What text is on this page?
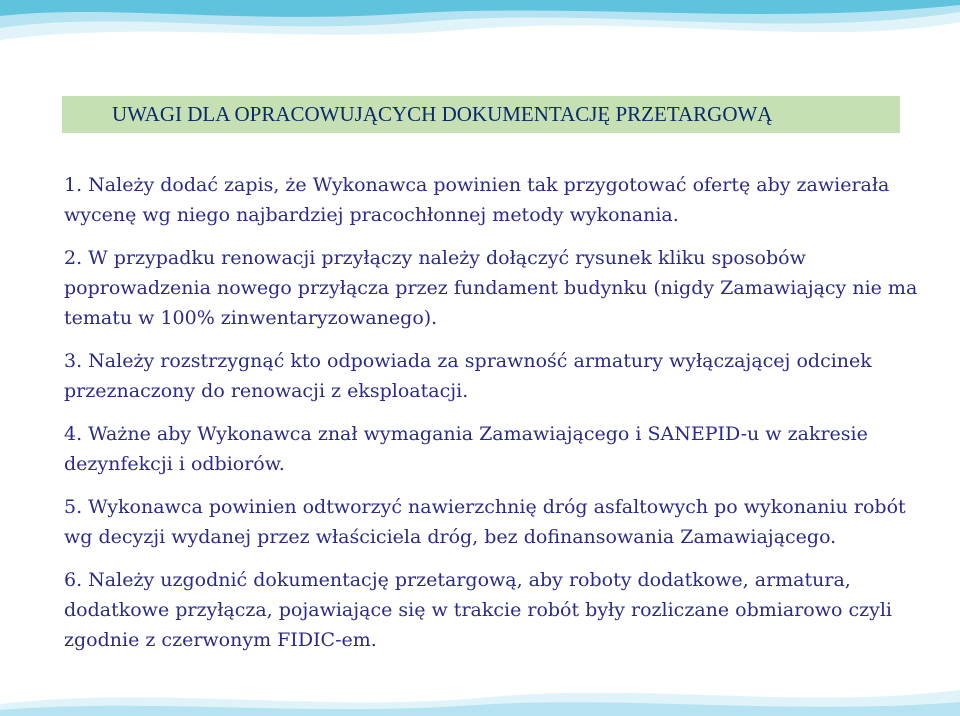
UWAGI DLA OPRACOWUJĄCYCH DOKUMENTACJĘ PRZETARGOWĄ

1. Należy dodać zapis, że Wykonawca powinien tak przygotować ofertę aby zawierała wycenę wg niego najbardziej pracochłonnej metody wykonania.

2. W przypadku renowacji przyłączy należy dołączyć rysunek kliku sposobów poprowadzenia nowego przyłącza przez fundament budynku (nigdy Zamawiający nie ma tematu w 100% zinwentaryzowanego).

3. Należy rozstrzygnąć kto odpowiada za sprawność armatury wyłączającej odcinek przeznaczony do renowacji z eksploatacji.

4. Ważne aby Wykonawca znał wymagania Zamawiającego i SANEPID-u w zakresie dezynfekcji i odbiorów.

5. Wykonawca powinien odtworzyć nawierzchnię dróg asfaltowych po wykonaniu robót wg decyzji wydanej przez właściciela dróg, bez dofinansowania Zamawiającego.

6. Należy uzgodnić dokumentację przetargową, aby roboty dodatkowe, armatura, dodatkowe przyłącza, pojawiające się w trakcie robót były rozliczane obmiarowo czyli zgodnie z czerwonym FIDIC-em.
